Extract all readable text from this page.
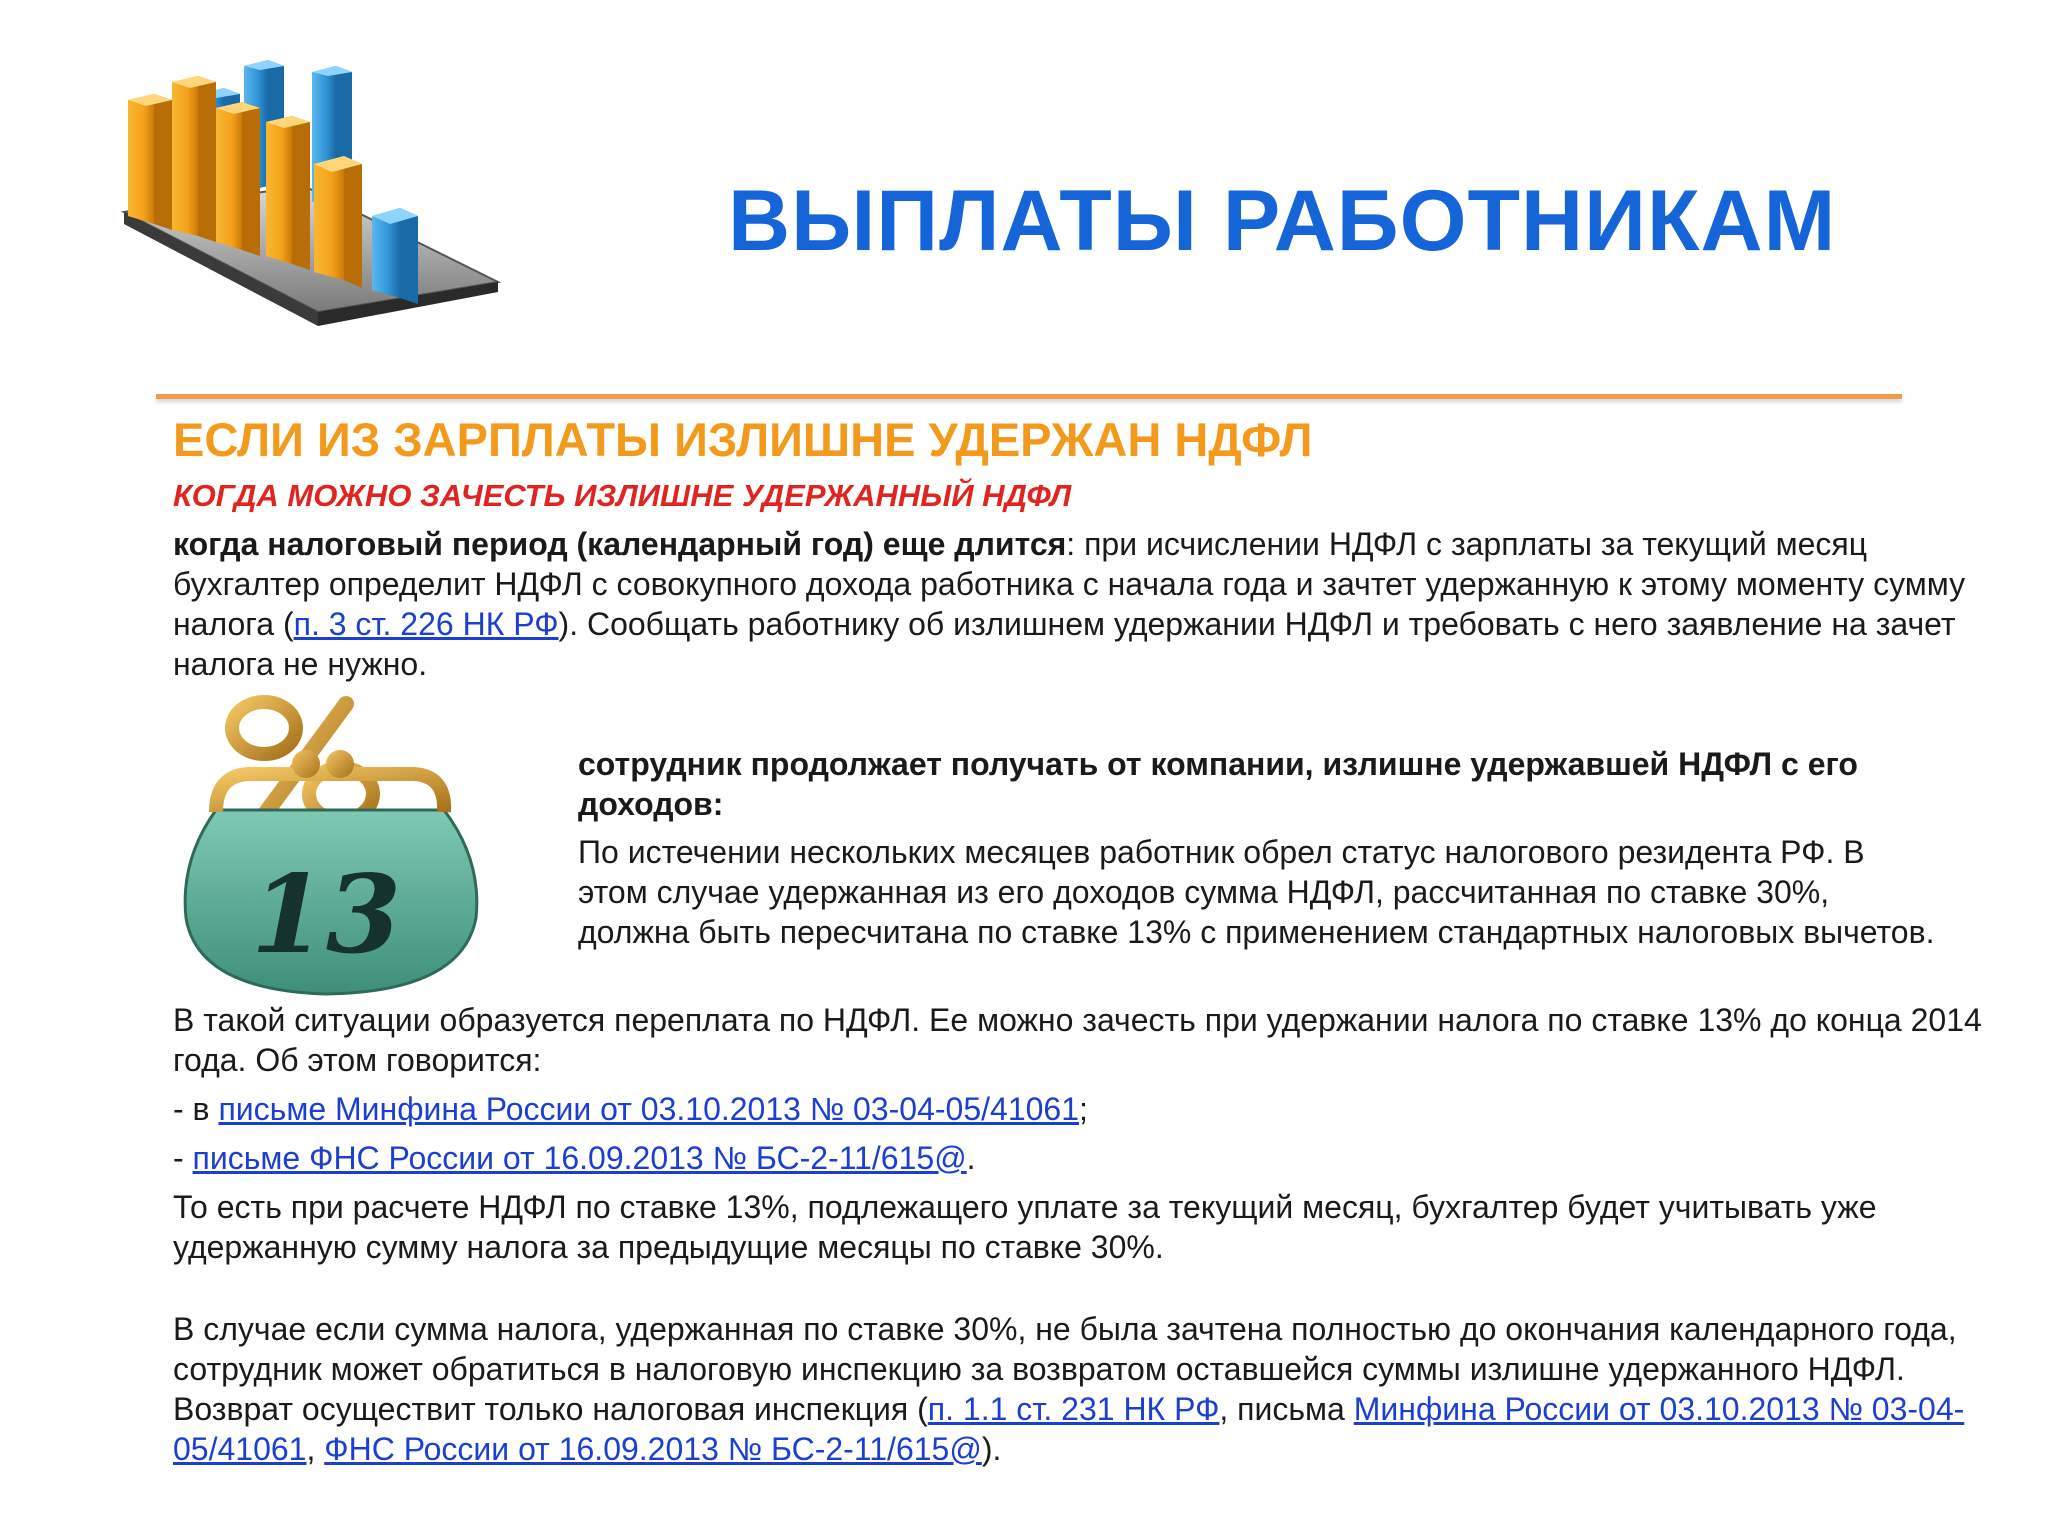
ВЫПЛАТЫ РАБОТНИКАМ
ЕСЛИ ИЗ ЗАРПЛАТЫ ИЗЛИШНЕ УДЕРЖАН НДФЛ
КОГДА МОЖНО ЗАЧЕСТЬ ИЗЛИШНЕ УДЕРЖАННЫЙ НДФЛ
когда налоговый период (календарный год) еще длится: при исчислении НДФЛ с зарплаты за текущий месяц бухгалтер определит НДФЛ с совокупного дохода работника с начала года и зачтет удержанную к этому моменту сумму налога (п. 3 ст. 226 НК РФ). Сообщать работнику об излишнем удержании НДФЛ и требовать с него заявление на зачет налога не нужно.
13
сотрудник продолжает получать от компании, излишне удержавшей НДФЛ с его доходов:
По истечении нескольких месяцев работник обрел статус налогового резидента РФ. В этом случае удержанная из его доходов сумма НДФЛ, рассчитанная по ставке 30%, должна быть пересчитана по ставке 13% с применением стандартных налоговых вычетов.
В такой ситуации образуется переплата по НДФЛ. Ее можно зачесть при удержании налога по ставке 13% до конца 2014 года. Об этом говорится:
- в письме Минфина России от 03.10.2013 № 03-04-05/41061;
- письме ФНС России от 16.09.2013 № БС-2-11/615@.
То есть при расчете НДФЛ по ставке 13%, подлежащего уплате за текущий месяц, бухгалтер будет учитывать уже удержанную сумму налога за предыдущие месяцы по ставке 30%.
В случае если сумма налога, удержанная по ставке 30%, не была зачтена полностью до окончания календарного года, сотрудник может обратиться в налоговую инспекцию за возвратом оставшейся суммы излишне удержанного НДФЛ. Возврат осуществит только налоговая инспекция (п. 1.1 ст. 231 НК РФ, письма Минфина России от 03.10.2013 № 03-04-05/41061, ФНС России от 16.09.2013 № БС-2-11/615@).
